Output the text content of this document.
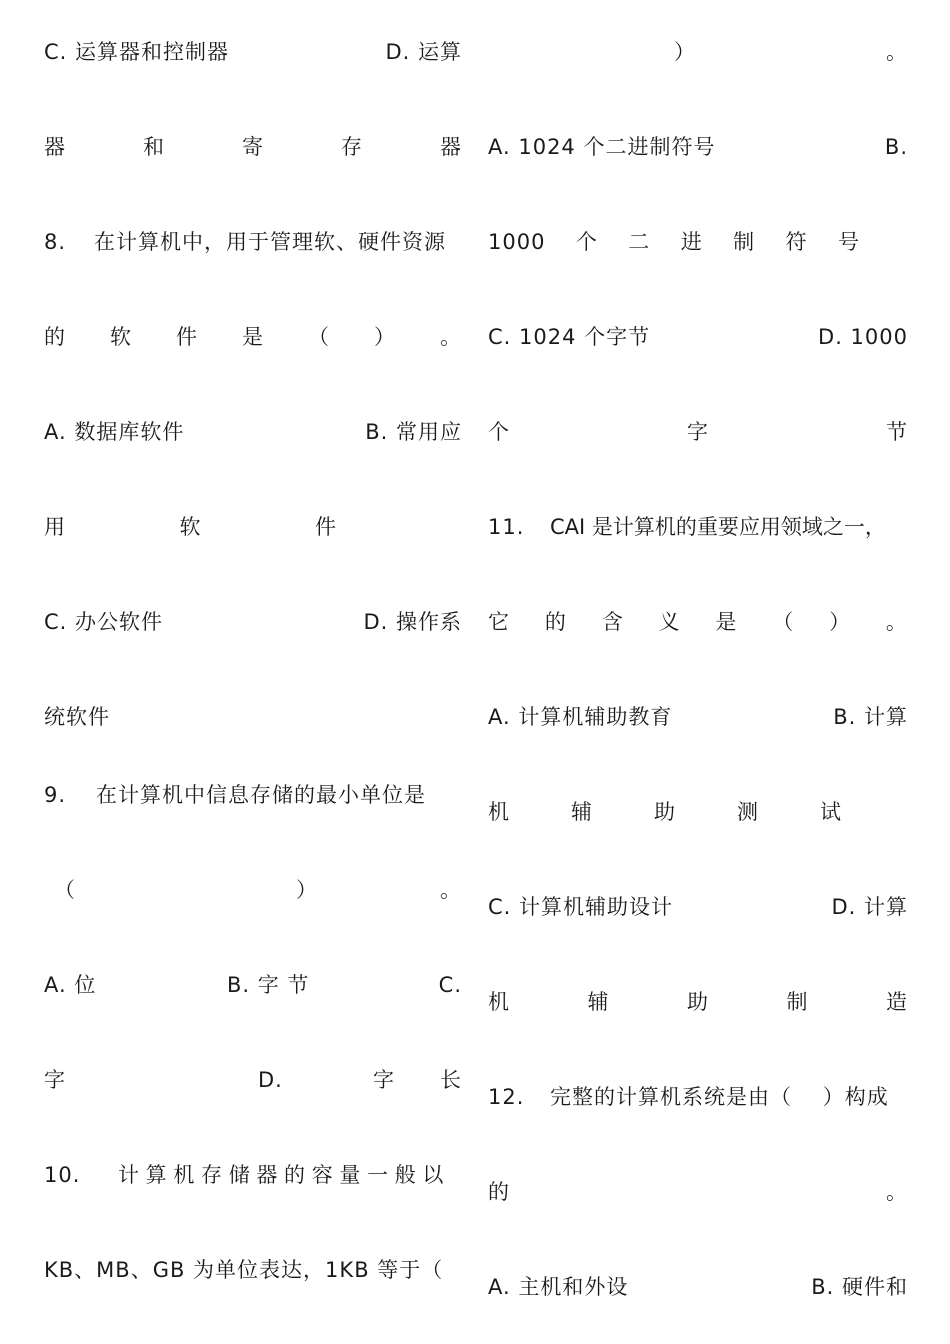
C. 运算器和控制器	D. 运算
器	和	寄	存	器
8. 在计算机中，用于管理软、硬件资源
的 软 件 是 （ ） 。
A. 数据库软件	B. 常用应
用	软	件
C. 办公软件	D. 操作系
统软件
9. 在计算机中信息存储的最小单位是
（	）	。
A. 位	B. 字 节	C.
字	D.	字 长
10. 计 算 机 存 储 器 的 容 量 一 般 以
KB、MB、GB 为单位表达，1KB 等于（
）	。
A. 1024 个二进制符号	B.
1000 个 二 进 制 符 号
C. 1024 个字节	D. 1000
个	字	节
11. CAI 是计算机的重要应用领域之一，
它 的 含 义 是 （ ） 。
A. 计算机辅助教育	B. 计算
机	辅	助	测	试
C. 计算机辅助设计	D. 计算
机	辅	助	制	造
12. 完整的计算机系统是由（    ）构成
的	。
A. 主机和外设	B. 硬件和
